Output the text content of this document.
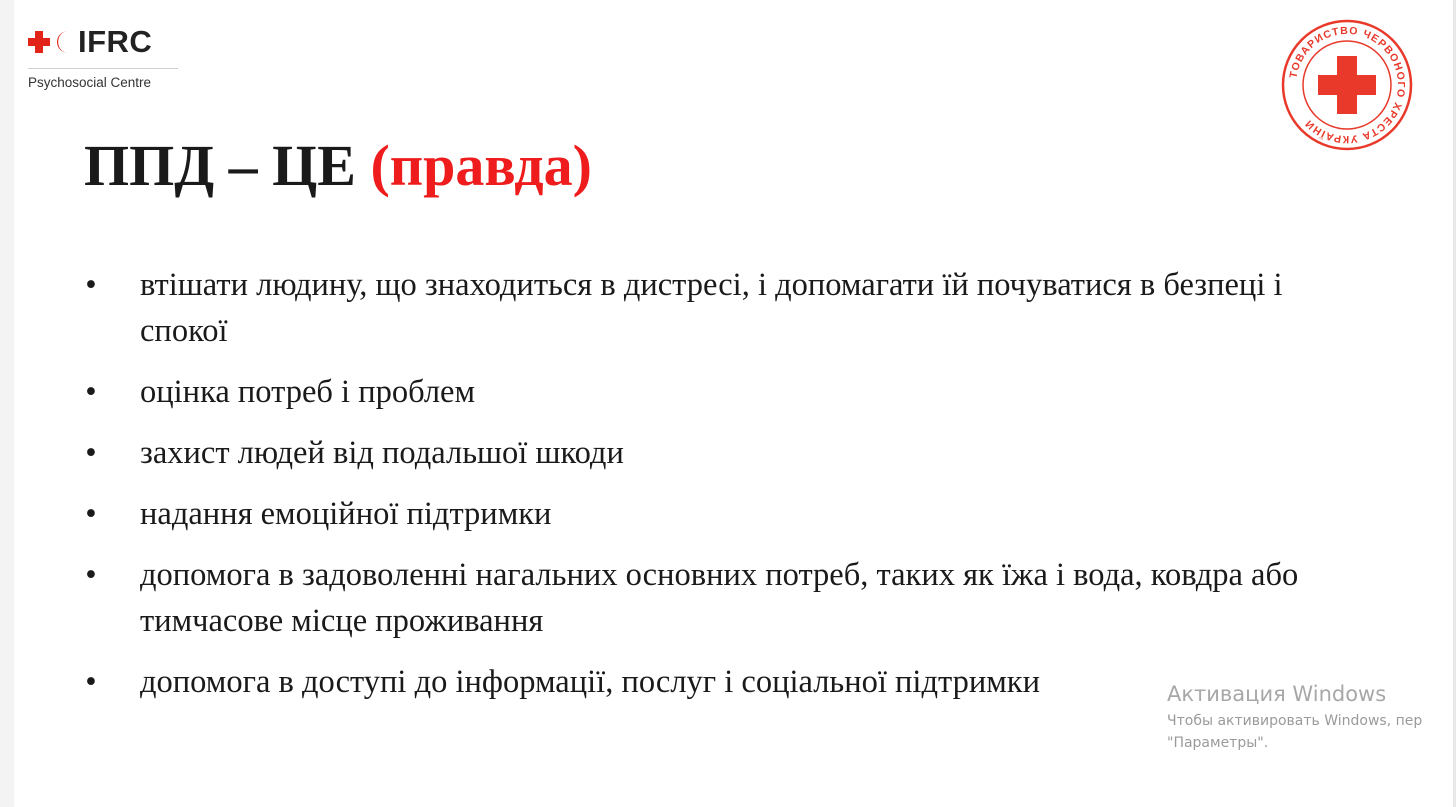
IFRC
Psychosocial Centre
ТОВАРИСТВО ЧЕРВОНОГО ХРЕСТА УКРАЇНИ
ППД – ЦЕ (правда)
• втішати людину, що знаходиться в дистресі, і допомагати їй почуватися в безпеці і спокої
• оцінка потреб і проблем
• захист людей від подальшої шкоди
• надання емоційної підтримки
• допомога в задоволенні нагальних основних потреб, таких як їжа і вода, ковдра або тимчасове місце проживання
• допомога в доступі до інформації, послуг і соціальної підтримки	Активация Windows
Чтобы активировать Windows, пер
"Параметры".
